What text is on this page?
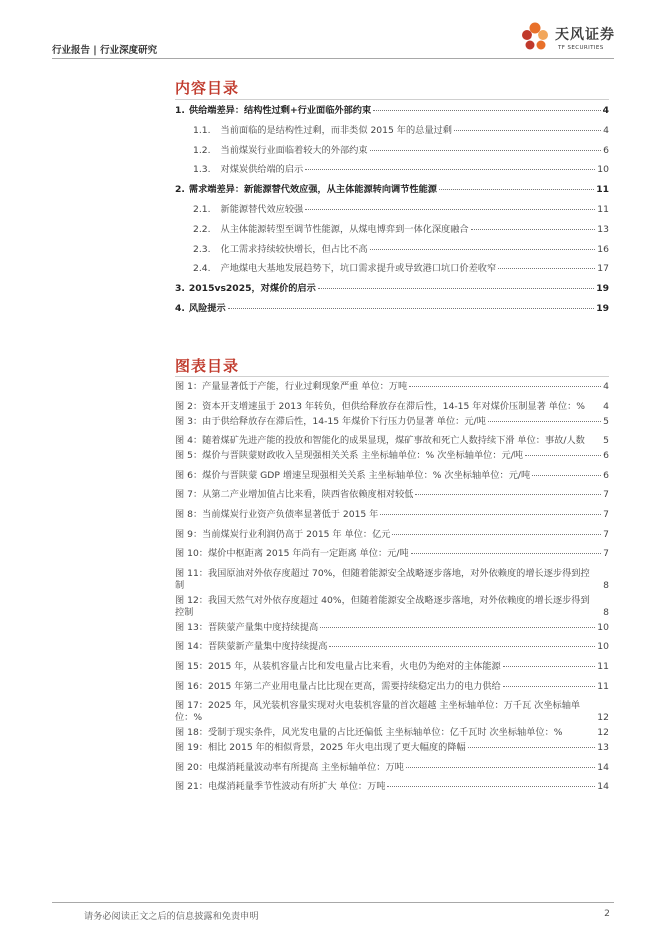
行业报告 | 行业深度研究
天风证券
TF SECURITIES
内容目录
1. 供给端差异：结构性过剩+行业面临外部约束	4
1.1. 当前面临的是结构性过剩，而非类似 2015 年的总量过剩	4
1.2. 当前煤炭行业面临着较大的外部约束	6
1.3. 对煤炭供给端的启示	10
2. 需求端差异：新能源替代效应强，从主体能源转向调节性能源	11
2.1. 新能源替代效应较强	11
2.2. 从主体能源转型至调节性能源，从煤电博弈到一体化深度融合	13
2.3. 化工需求持续较快增长，但占比不高	16
2.4. 产地煤电大基地发展趋势下，坑口需求提升或导致港口坑口价差收窄	17
3. 2015vs2025，对煤价的启示	19
4. 风险提示	19
图表目录
图 1：产量显著低于产能，行业过剩现象严重 单位：万吨	4
图 2：资本开支增速虽于 2013 年转负，但供给释放存在滞后性，14-15 年对煤价压制显著 单位：%	4
图 3：由于供给释放存在滞后性，14-15 年煤价下行压力仍显著 单位：元/吨	5
图 4：随着煤矿先进产能的投放和智能化的成果显现，煤矿事故和死亡人数持续下滑 单位：事故/人数	5
图 5：煤价与晋陕蒙财政收入呈现强相关关系 主坐标轴单位：% 次坐标轴单位：元/吨	6
图 6：煤价与晋陕蒙 GDP 增速呈现强相关关系 主坐标轴单位：% 次坐标轴单位：元/吨	6
图 7：从第二产业增加值占比来看，陕西省依赖度相对较低	7
图 8：当前煤炭行业资产负债率显著低于 2015 年	7
图 9：当前煤炭行业利润仍高于 2015 年 单位：亿元	7
图 10：煤价中枢距离 2015 年尚有一定距离 单位：元/吨	7
图 11：我国原油对外依存度超过 70%，但随着能源安全战略逐步落地，对外依赖度的增长逐步得到控制	8
图 12：我国天然气对外依存度超过 40%，但随着能源安全战略逐步落地，对外依赖度的增长逐步得到控制	8
图 13：晋陕蒙产量集中度持续提高	10
图 14：晋陕蒙新产量集中度持续提高	10
图 15：2015 年，从装机容量占比和发电量占比来看，火电仍为绝对的主体能源	11
图 16：2015 年第二产业用电量占比比现在更高，需要持续稳定出力的电力供给	11
图 17：2025 年，风光装机容量实现对火电装机容量的首次超越 主坐标轴单位：万千瓦 次坐标轴单位：%	12
图 18：受制于现实条件，风光发电量的占比还偏低 主坐标轴单位：亿千瓦时 次坐标轴单位：%	12
图 19：相比 2015 年的相似背景，2025 年火电出现了更大幅度的降幅	13
图 20：电煤消耗量波动率有所提高 主坐标轴单位：万吨	14
图 21：电煤消耗量季节性波动有所扩大 单位：万吨	14
请务必阅读正文之后的信息披露和免责申明	2
